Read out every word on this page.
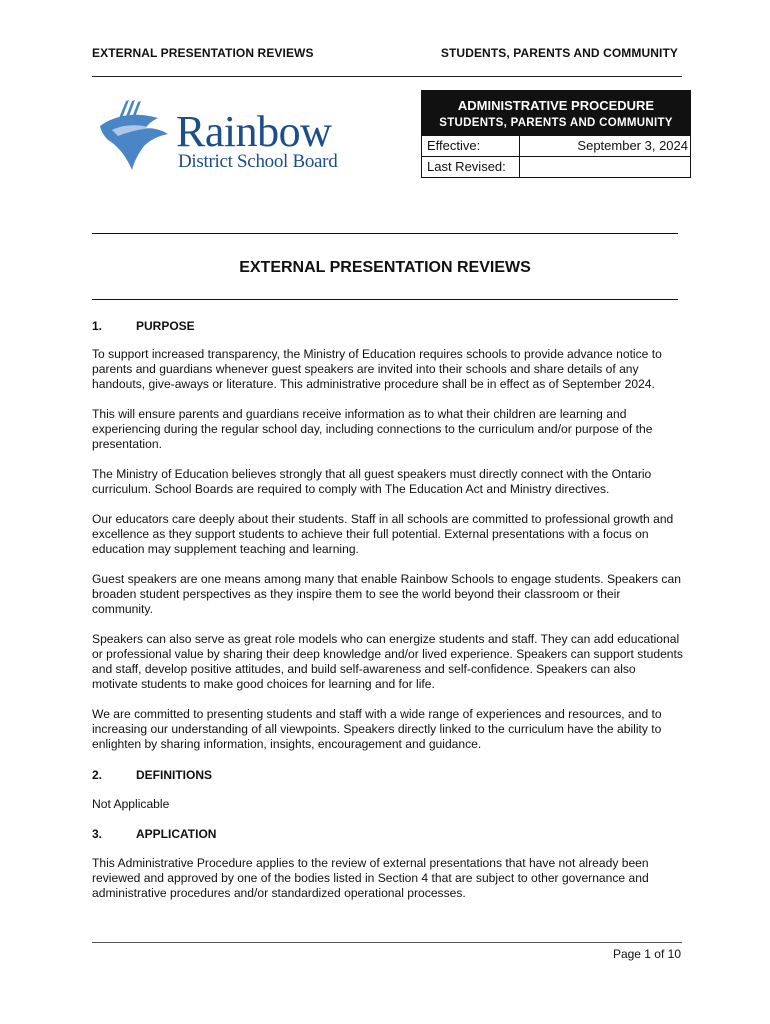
EXTERNAL PRESENTATION REVIEWS	STUDENTS, PARENTS AND COMMUNITY
Rainbow
District School Board
ADMINISTRATIVE PROCEDURE
STUDENTS, PARENTS AND COMMUNITY
Effective:	September 3, 2024
Last Revised:
EXTERNAL PRESENTATION REVIEWS
1.	PURPOSE

To support increased transparency, the Ministry of Education requires schools to provide advance notice to parents and guardians whenever guest speakers are invited into their schools and share details of any handouts, give-aways or literature. This administrative procedure shall be in effect as of September 2024.

This will ensure parents and guardians receive information as to what their children are learning and experiencing during the regular school day, including connections to the curriculum and/or purpose of the presentation.

The Ministry of Education believes strongly that all guest speakers must directly connect with the Ontario curriculum. School Boards are required to comply with The Education Act and Ministry directives.

Our educators care deeply about their students. Staff in all schools are committed to professional growth and excellence as they support students to achieve their full potential. External presentations with a focus on education may supplement teaching and learning.

Guest speakers are one means among many that enable Rainbow Schools to engage students. Speakers can broaden student perspectives as they inspire them to see the world beyond their classroom or their community.

Speakers can also serve as great role models who can energize students and staff. They can add educational or professional value by sharing their deep knowledge and/or lived experience. Speakers can support students and staff, develop positive attitudes, and build self-awareness and self-confidence. Speakers can also motivate students to make good choices for learning and for life.

We are committed to presenting students and staff with a wide range of experiences and resources, and to increasing our understanding of all viewpoints. Speakers directly linked to the curriculum have the ability to enlighten by sharing information, insights, encouragement and guidance.

2.	DEFINITIONS

Not Applicable

3.	APPLICATION

This Administrative Procedure applies to the review of external presentations that have not already been reviewed and approved by one of the bodies listed in Section 4 that are subject to other governance and administrative procedures and/or standardized operational processes.

Page 1 of 10
